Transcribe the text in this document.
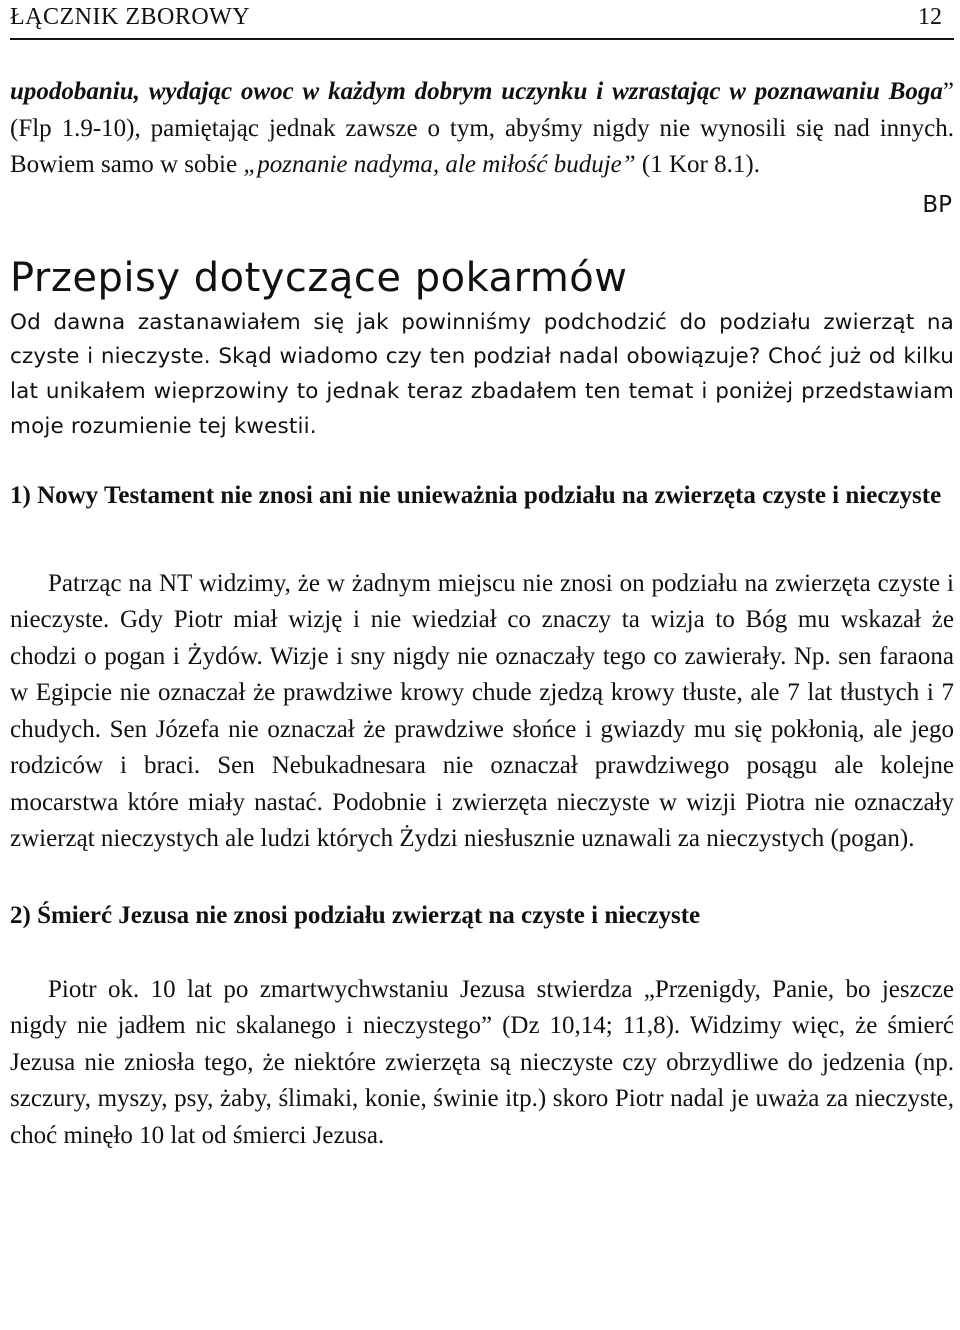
ŁĄCZNIK ZBOROWY	12

upodobaniu, wydając owoc w każdym dobrym uczynku i wzrastając w poznawaniu Boga” (Flp 1.9-10), pamiętając jednak zawsze o tym, abyśmy nigdy nie wynosili się nad innych. Bowiem samo w sobie „poznanie nadyma, ale miłość buduje” (1 Kor 8.1).

BP
Przepisy dotyczące pokarmów

Od dawna zastanawiałem się jak powinniśmy podchodzić do podziału zwierząt na czyste i nieczyste. Skąd wiadomo czy ten podział nadal obowiązuje? Choć już od kilku lat unikałem wieprzowiny to jednak teraz zbadałem ten temat i poniżej przedstawiam moje rozumienie tej kwestii.

1) Nowy Testament nie znosi ani nie unieważnia podziału na zwierzęta czyste i nieczyste

Patrząc na NT widzimy, że w żadnym miejscu nie znosi on podziału na zwierzęta czyste i nieczyste. Gdy Piotr miał wizję i nie wiedział co znaczy ta wizja to Bóg mu wskazał że chodzi o pogan i Żydów. Wizje i sny nigdy nie oznaczały tego co zawierały. Np. sen faraona w Egipcie nie oznaczał że prawdziwe krowy chude zjedzą krowy tłuste, ale 7 lat tłustych i 7 chudych. Sen Józefa nie oznaczał że prawdziwe słońce i gwiazdy mu się pokłonią, ale jego rodziców i braci. Sen Nebukadnesara nie oznaczał prawdziwego posągu ale kolejne mocarstwa które miały nastać. Podobnie i zwierzęta nieczyste w wizji Piotra nie oznaczały zwierząt nieczystych ale ludzi których Żydzi niesłusznie uznawali za nieczystych (pogan).

2) Śmierć Jezusa nie znosi podziału zwierząt na czyste i nieczyste

Piotr ok. 10 lat po zmartwychwstaniu Jezusa stwierdza „Przenigdy, Panie, bo jeszcze nigdy nie jadłem nic skalanego i nieczystego” (Dz 10,14; 11,8). Widzimy więc, że śmierć Jezusa nie zniosła tego, że niektóre zwierzęta są nieczyste czy obrzydliwe do jedzenia (np. szczury, myszy, psy, żaby, ślimaki, konie, świnie itp.) skoro Piotr nadal je uważa za nieczyste, choć minęło 10 lat od śmierci Jezusa.
